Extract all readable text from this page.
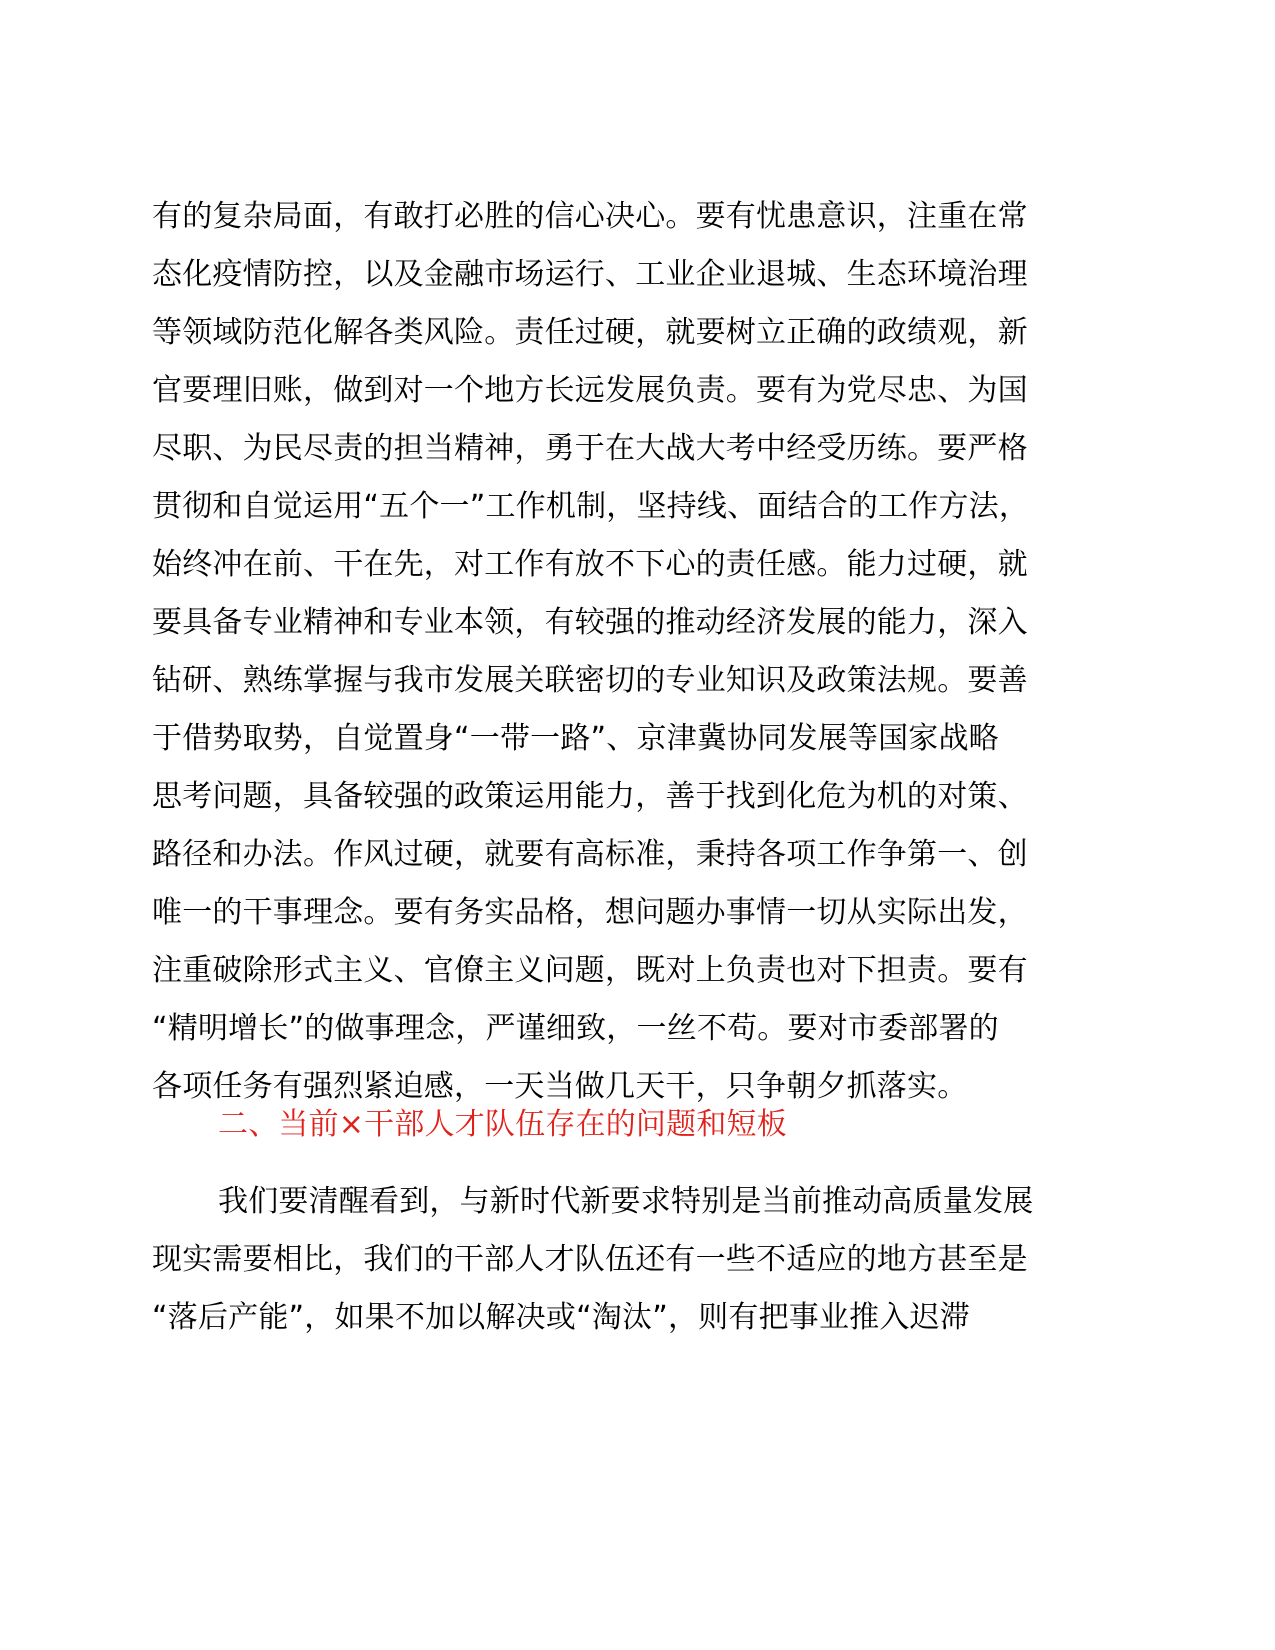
有的复杂局面，有敢打必胜的信心决心。要有忧患意识，注重在常
态化疫情防控，以及金融市场运行、工业企业退城、生态环境治理
等领域防范化解各类风险。责任过硬，就要树立正确的政绩观，新
官要理旧账，做到对一个地方长远发展负责。要有为党尽忠、为国
尽职、为民尽责的担当精神，勇于在大战大考中经受历练。要严格
贯彻和自觉运用“五个一”工作机制，坚持线、面结合的工作方法，
始终冲在前、干在先，对工作有放不下心的责任感。能力过硬，就
要具备专业精神和专业本领，有较强的推动经济发展的能力，深入
钻研、熟练掌握与我市发展关联密切的专业知识及政策法规。要善
于借势取势，自觉置身“一带一路”、京津冀协同发展等国家战略
思考问题，具备较强的政策运用能力，善于找到化危为机的对策、
路径和办法。作风过硬，就要有高标准，秉持各项工作争第一、创
唯一的干事理念。要有务实品格，想问题办事情一切从实际出发，
注重破除形式主义、官僚主义问题，既对上负责也对下担责。要有
“精明增长”的做事理念，严谨细致，一丝不苟。要对市委部署的
各项任务有强烈紧迫感，一天当做几天干，只争朝夕抓落实。
二、当前×干部人才队伍存在的问题和短板
我们要清醒看到，与新时代新要求特别是当前推动高质量发展
现实需要相比，我们的干部人才队伍还有一些不适应的地方甚至是
“落后产能”，如果不加以解决或“淘汰”，则有把事业推入迟滞
